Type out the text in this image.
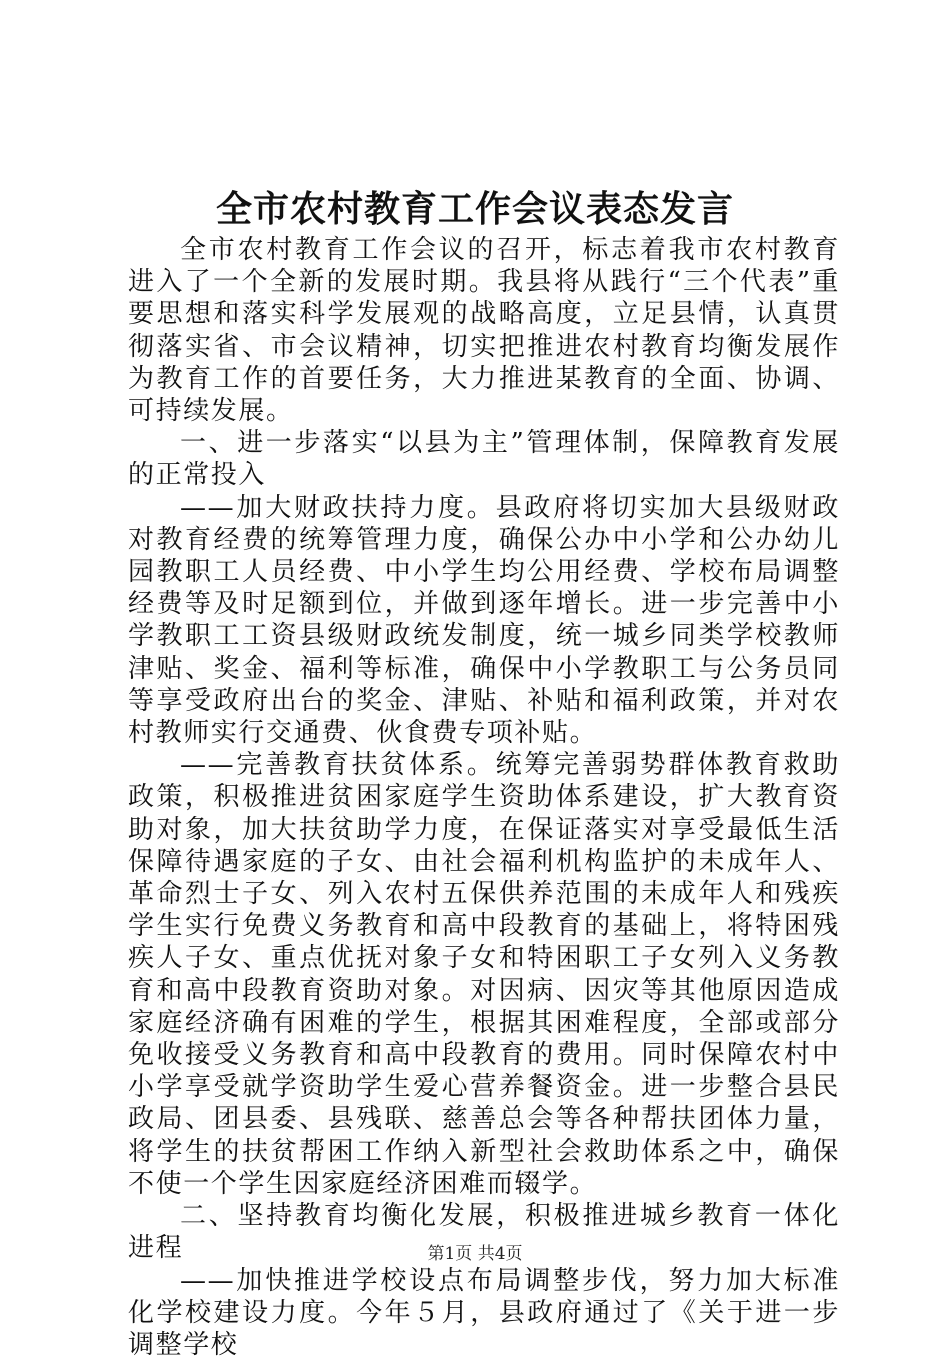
全市农村教育工作会议表态发言

全市农村教育工作会议的召开，标志着我市农村教育进入了一个全新的发展时期。我县将从践行“三个代表”重要思想和落实科学发展观的战略高度，立足县情，认真贯彻落实省、市会议精神，切实把推进农村教育均衡发展作为教育工作的首要任务，大力推进某教育的全面、协调、可持续发展。

一、进一步落实“以县为主”管理体制，保障教育发展的正常投入

——加大财政扶持力度。县政府将切实加大县级财政对教育经费的统筹管理力度，确保公办中小学和公办幼儿园教职工人员经费、中小学生均公用经费、学校布局调整经费等及时足额到位，并做到逐年增长。进一步完善中小学教职工工资县级财政统发制度，统一城乡同类学校教师津贴、奖金、福利等标准，确保中小学教职工与公务员同等享受政府出台的奖金、津贴、补贴和福利政策，并对农村教师实行交通费、伙食费专项补贴。

——完善教育扶贫体系。统筹完善弱势群体教育救助政策，积极推进贫困家庭学生资助体系建设，扩大教育资助对象，加大扶贫助学力度，在保证落实对享受最低生活保障待遇家庭的子女、由社会福利机构监护的未成年人、革命烈士子女、列入农村五保供养范围的未成年人和残疾学生实行免费义务教育和高中段教育的基础上，将特困残疾人子女、重点优抚对象子女和特困职工子女列入义务教育和高中段教育资助对象。对因病、因灾等其他原因造成家庭经济确有困难的学生，根据其困难程度，全部或部分免收接受义务教育和高中段教育的费用。同时保障农村中小学享受就学资助学生爱心营养餐资金。进一步整合县民政局、团县委、县残联、慈善总会等各种帮扶团体力量，将学生的扶贫帮困工作纳入新型社会救助体系之中，确保不使一个学生因家庭经济困难而辍学。

二、坚持教育均衡化发展，积极推进城乡教育一体化进程

——加快推进学校设点布局调整步伐，努力加大标准化学校建设力度。今年５月，县政府通过了《关于进一步调整学校

第1页 共4页
